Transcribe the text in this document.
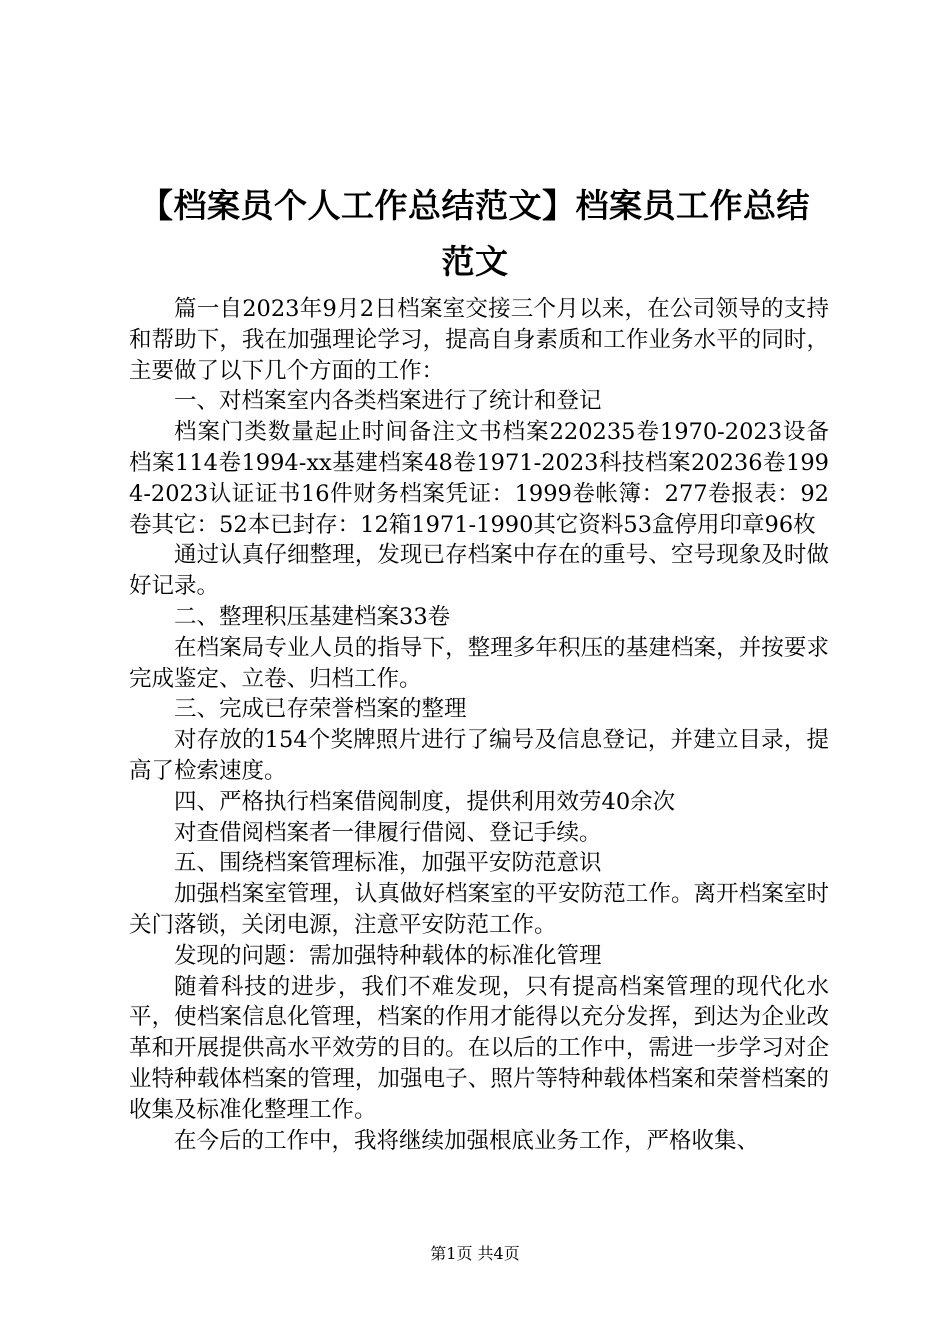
【档案员个人工作总结范文】档案员工作总结
范文

篇一自2023年9月2日档案室交接三个月以来，在公司领导的支持和帮助下，我在加强理论学习，提高自身素质和工作业务水平的同时，主要做了以下几个方面的工作：

一、对档案室内各类档案进行了统计和登记

档案门类数量起止时间备注文书档案220235卷1970-2023设备档案114卷1994-xx基建档案48卷1971-2023科技档案20236卷1994-2023认证证书16件财务档案凭证：1999卷帐簿：277卷报表：92卷其它：52本已封存：12箱1971-1990其它资料53盒停用印章96枚

通过认真仔细整理，发现已存档案中存在的重号、空号现象及时做好记录。

二、整理积压基建档案33卷

在档案局专业人员的指导下，整理多年积压的基建档案，并按要求完成鉴定、立卷、归档工作。

三、完成已存荣誉档案的整理

对存放的154个奖牌照片进行了编号及信息登记，并建立目录，提高了检索速度。

四、严格执行档案借阅制度，提供利用效劳40余次

对查借阅档案者一律履行借阅、登记手续。

五、围绕档案管理标准，加强平安防范意识

加强档案室管理，认真做好档案室的平安防范工作。离开档案室时关门落锁，关闭电源，注意平安防范工作。

发现的问题：需加强特种载体的标准化管理

随着科技的进步，我们不难发现，只有提高档案管理的现代化水平，使档案信息化管理，档案的作用才能得以充分发挥，到达为企业改革和开展提供高水平效劳的目的。在以后的工作中，需进一步学习对企业特种载体档案的管理，加强电子、照片等特种载体档案和荣誉档案的收集及标准化整理工作。

在今后的工作中，我将继续加强根底业务工作，严格收集、

第1页 共4页
